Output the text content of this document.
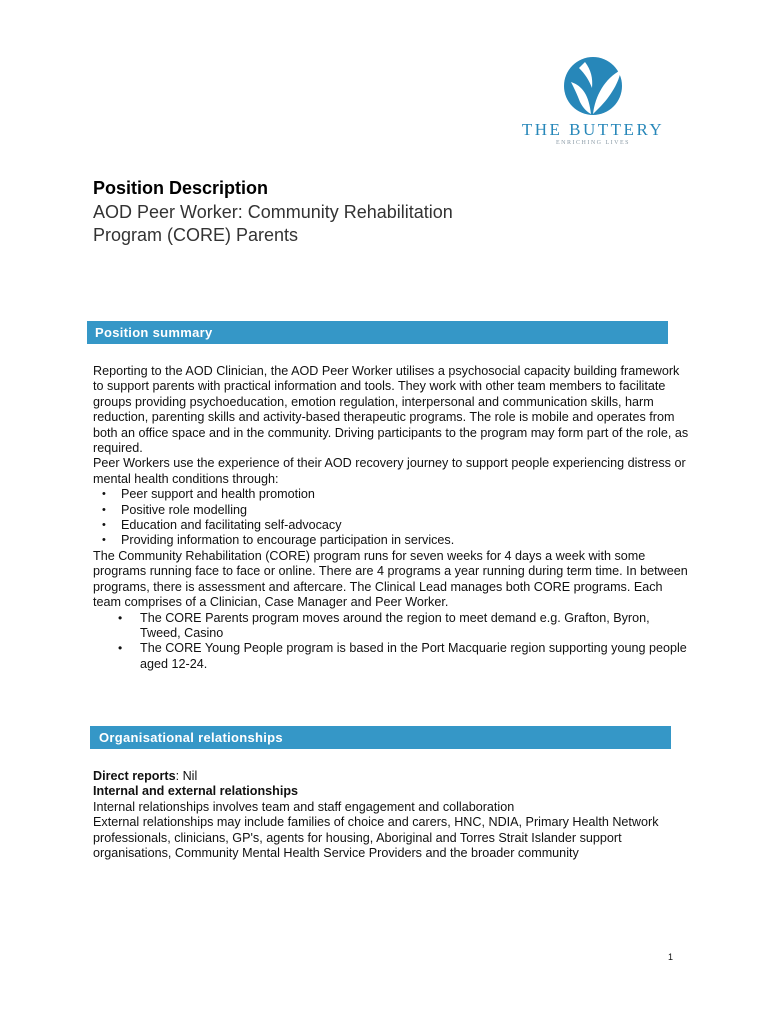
THE BUTTERY
ENRICHING LIVES
Position Description
AOD Peer Worker: Community Rehabilitation Program (CORE) Parents
Position summary

Reporting to the AOD Clinician, the AOD Peer Worker utilises a psychosocial capacity building framework to support parents with practical information and tools. They work with other team members to facilitate groups providing psychoeducation, emotion regulation, interpersonal and communication skills, harm reduction, parenting skills and activity-based therapeutic programs. The role is mobile and operates from both an office space and in the community. Driving participants to the program may form part of the role, as required.

Peer Workers use the experience of their AOD recovery journey to support people experiencing distress or mental health conditions through:

• Peer support and health promotion
• Positive role modelling
• Education and facilitating self-advocacy
• Providing information to encourage participation in services.

The Community Rehabilitation (CORE) program runs for seven weeks for 4 days a week with some programs running face to face or online. There are 4 programs a year running during term time. In between programs, there is assessment and aftercare. The Clinical Lead manages both CORE programs. Each team comprises of a Clinician, Case Manager and Peer Worker.

• The CORE Parents program moves around the region to meet demand e.g. Grafton, Byron, Tweed, Casino
• The CORE Young People program is based in the Port Macquarie region supporting young people aged 12-24.
Organisational relationships

Direct reports: Nil

Internal and external relationships

Internal relationships involves team and staff engagement and collaboration

External relationships may include families of choice and carers, HNC, NDIA, Primary Health Network professionals, clinicians, GP's, agents for housing, Aboriginal and Torres Strait Islander support organisations, Community Mental Health Service Providers and the broader community

1
